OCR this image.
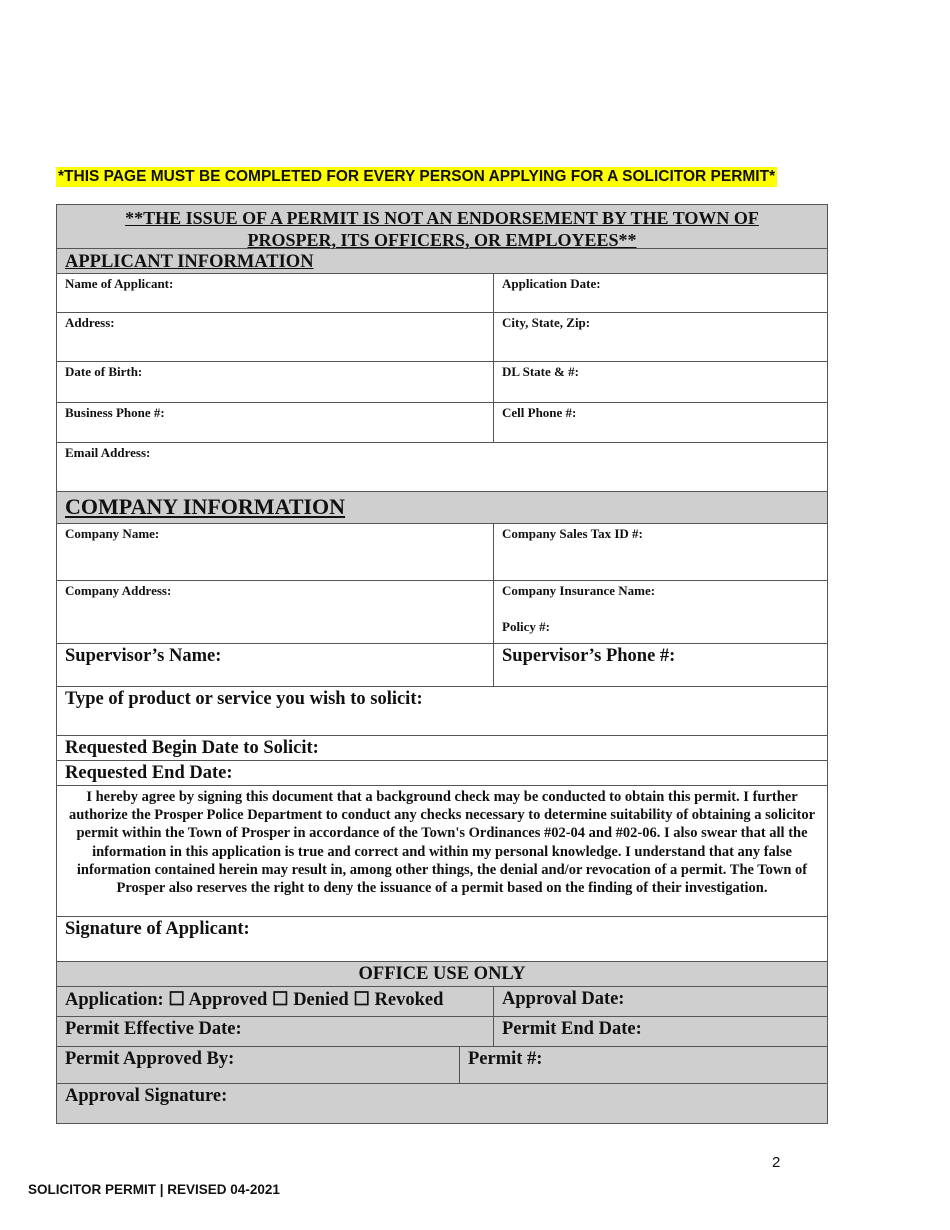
*THIS PAGE MUST BE COMPLETED FOR EVERY PERSON APPLYING FOR A SOLICITOR PERMIT*
**THE ISSUE OF A PERMIT IS NOT AN ENDORSEMENT BY THE TOWN OF
PROSPER, ITS OFFICERS, OR EMPLOYEES**
APPLICANT INFORMATION
Name of Applicant:	Application Date:
Address:	City, State, Zip:
Date of Birth:	DL State & #:
Business Phone #:	Cell Phone #:
Email Address:
COMPANY INFORMATION
Company Name:	Company Sales Tax ID #:
Company Address:	Company Insurance Name:
Policy #:
Supervisor’s Name:	Supervisor’s Phone #:
Type of product or service you wish to solicit:
Requested Begin Date to Solicit:
Requested End Date:
I hereby agree by signing this document that a background check may be conducted to obtain this permit. I further authorize the Prosper Police Department to conduct any checks necessary to determine suitability of obtaining a solicitor permit within the Town of Prosper in accordance of the Town's Ordinances #02-04 and #02-06. I also swear that all the information in this application is true and correct and within my personal knowledge. I understand that any false information contained herein may result in, among other things, the denial and/or revocation of a permit. The Town of Prosper also reserves the right to deny the issuance of a permit based on the finding of their investigation.
Signature of Applicant:
OFFICE USE ONLY
Application: ☐ Approved ☐ Denied ☐ Revoked	Approval Date:
Permit Effective Date:	Permit End Date:
Permit Approved By:	Permit #:
Approval Signature:
2
SOLICITOR PERMIT | REVISED 04-2021
